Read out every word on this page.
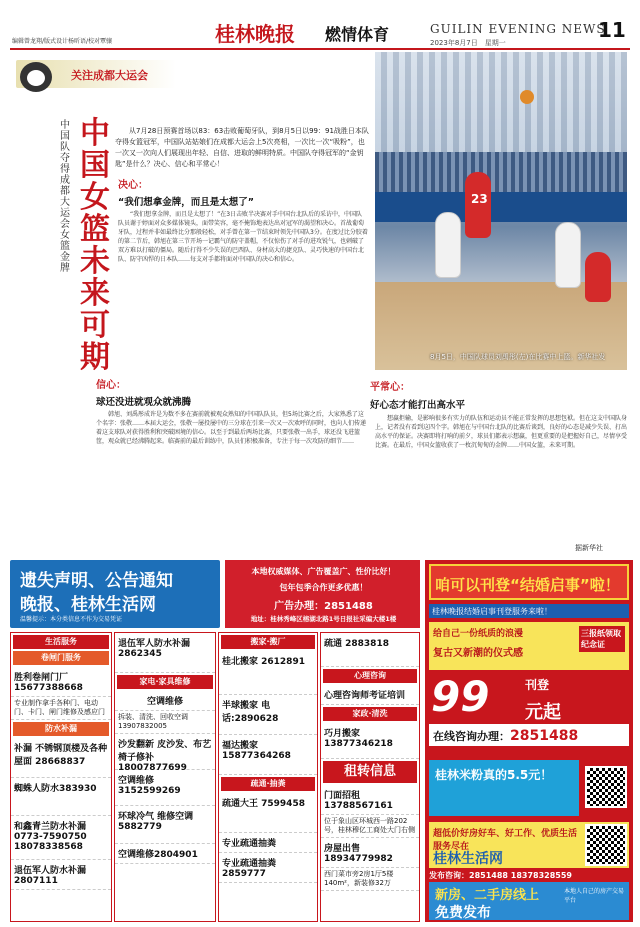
编辑曾龙翔/版式设计杨昕语/校对覃骧	桂林晚报 燃情体育	GUILIN EVENING NEWS
11
2023年8月7日　星期一
关注成都大运会
中国队夺得成都大运会女篮金牌
中国女篮 未来可期
　　从7月28日预赛首场以83：63击败葡萄牙队，到8月5日以99：91战胜日本队夺得女篮冠军，中国队站姑娘们在成都大运会上5次亮相，一次比一次“吸粉”，也一次又一次向人们展现出年轻、自信、进取的鲜明特质。中国队夺得冠军的“金钥匙”是什么？决心、信心和平常心！
决心：
“我们想拿金牌，而且是太想了”
　　“我们想拿金牌，而且是太想了！”在3日击败半决赛对手中国台北队后的采访中，中国队队员谢于婷面对众多媒体镜头，面带笑容，毫不掩饰地表达出对冠军的渴望和决心。首战葡萄牙队，过程并非如最终比分那般轻松，对手曾在第一节结束时领先中国队3分。在度过比分胶着的第二节后，韩旭在第三节开场一记霸气的防守盖帽，不仅惊伤了对手的进攻锐气，也刺破了双方难以打破的僵局。随后打得不少失误的巴西队、身材高大的捷克队、灵巧快速的中国台北队、防守凶悍的日本队……每支对手都将面对中国队的决心和信心。
信心：
球还没进就观众就沸腾
　　韩旭、刘禹彤成许是为数不多在赛前就被观众熟知的中国队队员，但5场比赛之后，大家熟悉了这个名字：张敬……本届大运会，张敬一屡投屡中的三分球在引来一次又一次欢呼的同时，也向人们传递着这支球队对获得胜利和突破困境的信心。以至于到最后两场比赛，只要张敬一出手，球还没飞进篮筐，观众就已经沸腾起来。临赛前的最后训练中，队员们积极准备，专注于每一次攻防的细节……
23
8月5日，中国队球员刘禹彤(左)在比赛中上篮。新华社发
平常心：
好心态才能打出高水平
　　想赢拒输，是影响很多有实力的队伍和运动员不能正常发挥的思想包袱。但在这支中国队身上，记者没有看到这四个字。韩旭在与中国台北队的比赛后谈到，良好的心态是减少失误、打出高水平的保证。决赛即将打响的前夕，球员们都表示想赢，但更重要的是把握好自己，尽情享受比赛。在最后，中国女篮收获了一枚沉甸甸的金牌……中国女篮，未来可期。
据新华社
遗失声明、公告通知
晚报、桂林生活网
温馨提示：本分类信息不作为交易凭证
本地权威媒体、广告覆盖广、性价比好！
包年包季合作更多优惠！
广告办理：2851488
地址：桂林秀峰区榕湖北路1号日报社采编大楼1楼
咱可以刊登“结婚启事”啦！
桂林晚报结婚启事刊登服务来啦！
给自己一份纸质的浪漫
复古又新潮的仪式感
三报纸领取纪念证
99	刊登
元起
在线咨询办理：2851488
桂林米粉真的5.5元！
超低价好房好车、好工作、优质生活服务尽在
桂林生活网
发布咨询：2851488 18378328559
新房、二手房线上
免费发布
本地人自己的房产交易平台
生活服务
卷闸门服务
胜利卷闸门厂15677388668
专业制作拿手各种门、电动门、卡门、闸门维修及感应门
防水补漏
补漏 不锈钢顶楼及各种屋面 28668837
蜘蛛人防水383930
和鑫青兰防水补漏 0773-7590750 18078338568
退伍军人防水补漏2807111
退伍军人防水补漏2862345
家电·家具维修
空调维修
拆装、清洗、回收空调13907832005
沙发翻新 皮沙发、布艺椅子修补 18007877699
空调维修 3152599269
环球冷气 维修空调 5882779
空调维修2804901
搬家·搬厂
桂北搬家 2612891
半球搬家 电话:2890628
福达搬家 15877364268
疏通·抽粪
疏通大王 7599458
专业疏通抽粪
专业疏通抽粪2859777
疏通 2883818
心理咨询
心理咨询师考证培训
家政·清洗
巧月搬家 13877346218
租转信息
门面招租13788567161
位于象山区环城西一路202号，桂林穆亿工商处大门右侧
房屋出售18934779982
西门菜市旁2房1厅5楼 140m²，新装修32万
